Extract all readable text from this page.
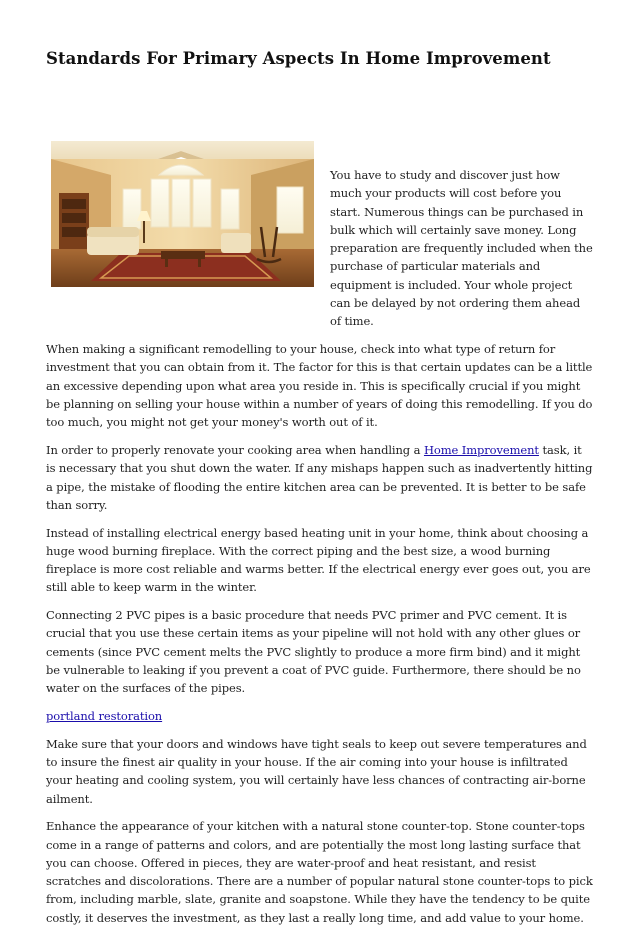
Standards For Primary Aspects In Home Improvement

You have to study and discover just how much your products will cost before you start. Numerous things can be purchased in bulk which will certainly save money. Long preparation are frequently included when the purchase of particular materials and equipment is included. Your whole project can be delayed by not ordering them ahead of time.

When making a significant remodelling to your house, check into what type of return for investment that you can obtain from it. The factor for this is that certain updates can be a little an excessive depending upon what area you reside in. This is specifically crucial if you might be planning on selling your house within a number of years of doing this remodelling. If you do too much, you might not get your money's worth out of it.

In order to properly renovate your cooking area when handling a Home Improvement task, it is necessary that you shut down the water. If any mishaps happen such as inadvertently hitting a pipe, the mistake of flooding the entire kitchen area can be prevented. It is better to be safe than sorry.

Instead of installing electrical energy based heating unit in your home, think about choosing a huge wood burning fireplace. With the correct piping and the best size, a wood burning fireplace is more cost reliable and warms better. If the electrical energy ever goes out, you are still able to keep warm in the winter.

Connecting 2 PVC pipes is a basic procedure that needs PVC primer and PVC cement. It is crucial that you use these certain items as your pipeline will not hold with any other glues or cements (since PVC cement melts the PVC slightly to produce a more firm bind) and it might be vulnerable to leaking if you prevent a coat of PVC guide. Furthermore, there should be no water on the surfaces of the pipes.

portland restoration

Make sure that your doors and windows have tight seals to keep out severe temperatures and to insure the finest air quality in your house. If the air coming into your house is infiltrated your heating and cooling system, you will certainly have less chances of contracting air-borne ailment.

Enhance the appearance of your kitchen with a natural stone counter-top. Stone counter-tops come in a range of patterns and colors, and are potentially the most long lasting surface that you can choose. Offered in pieces, they are water-proof and heat resistant, and resist scratches and discolorations. There are a number of popular natural stone counter-tops to pick from, including marble, slate, granite and soapstone. While they have the tendency to be quite costly, it deserves the investment, as they last a really long time, and add value to your home.
